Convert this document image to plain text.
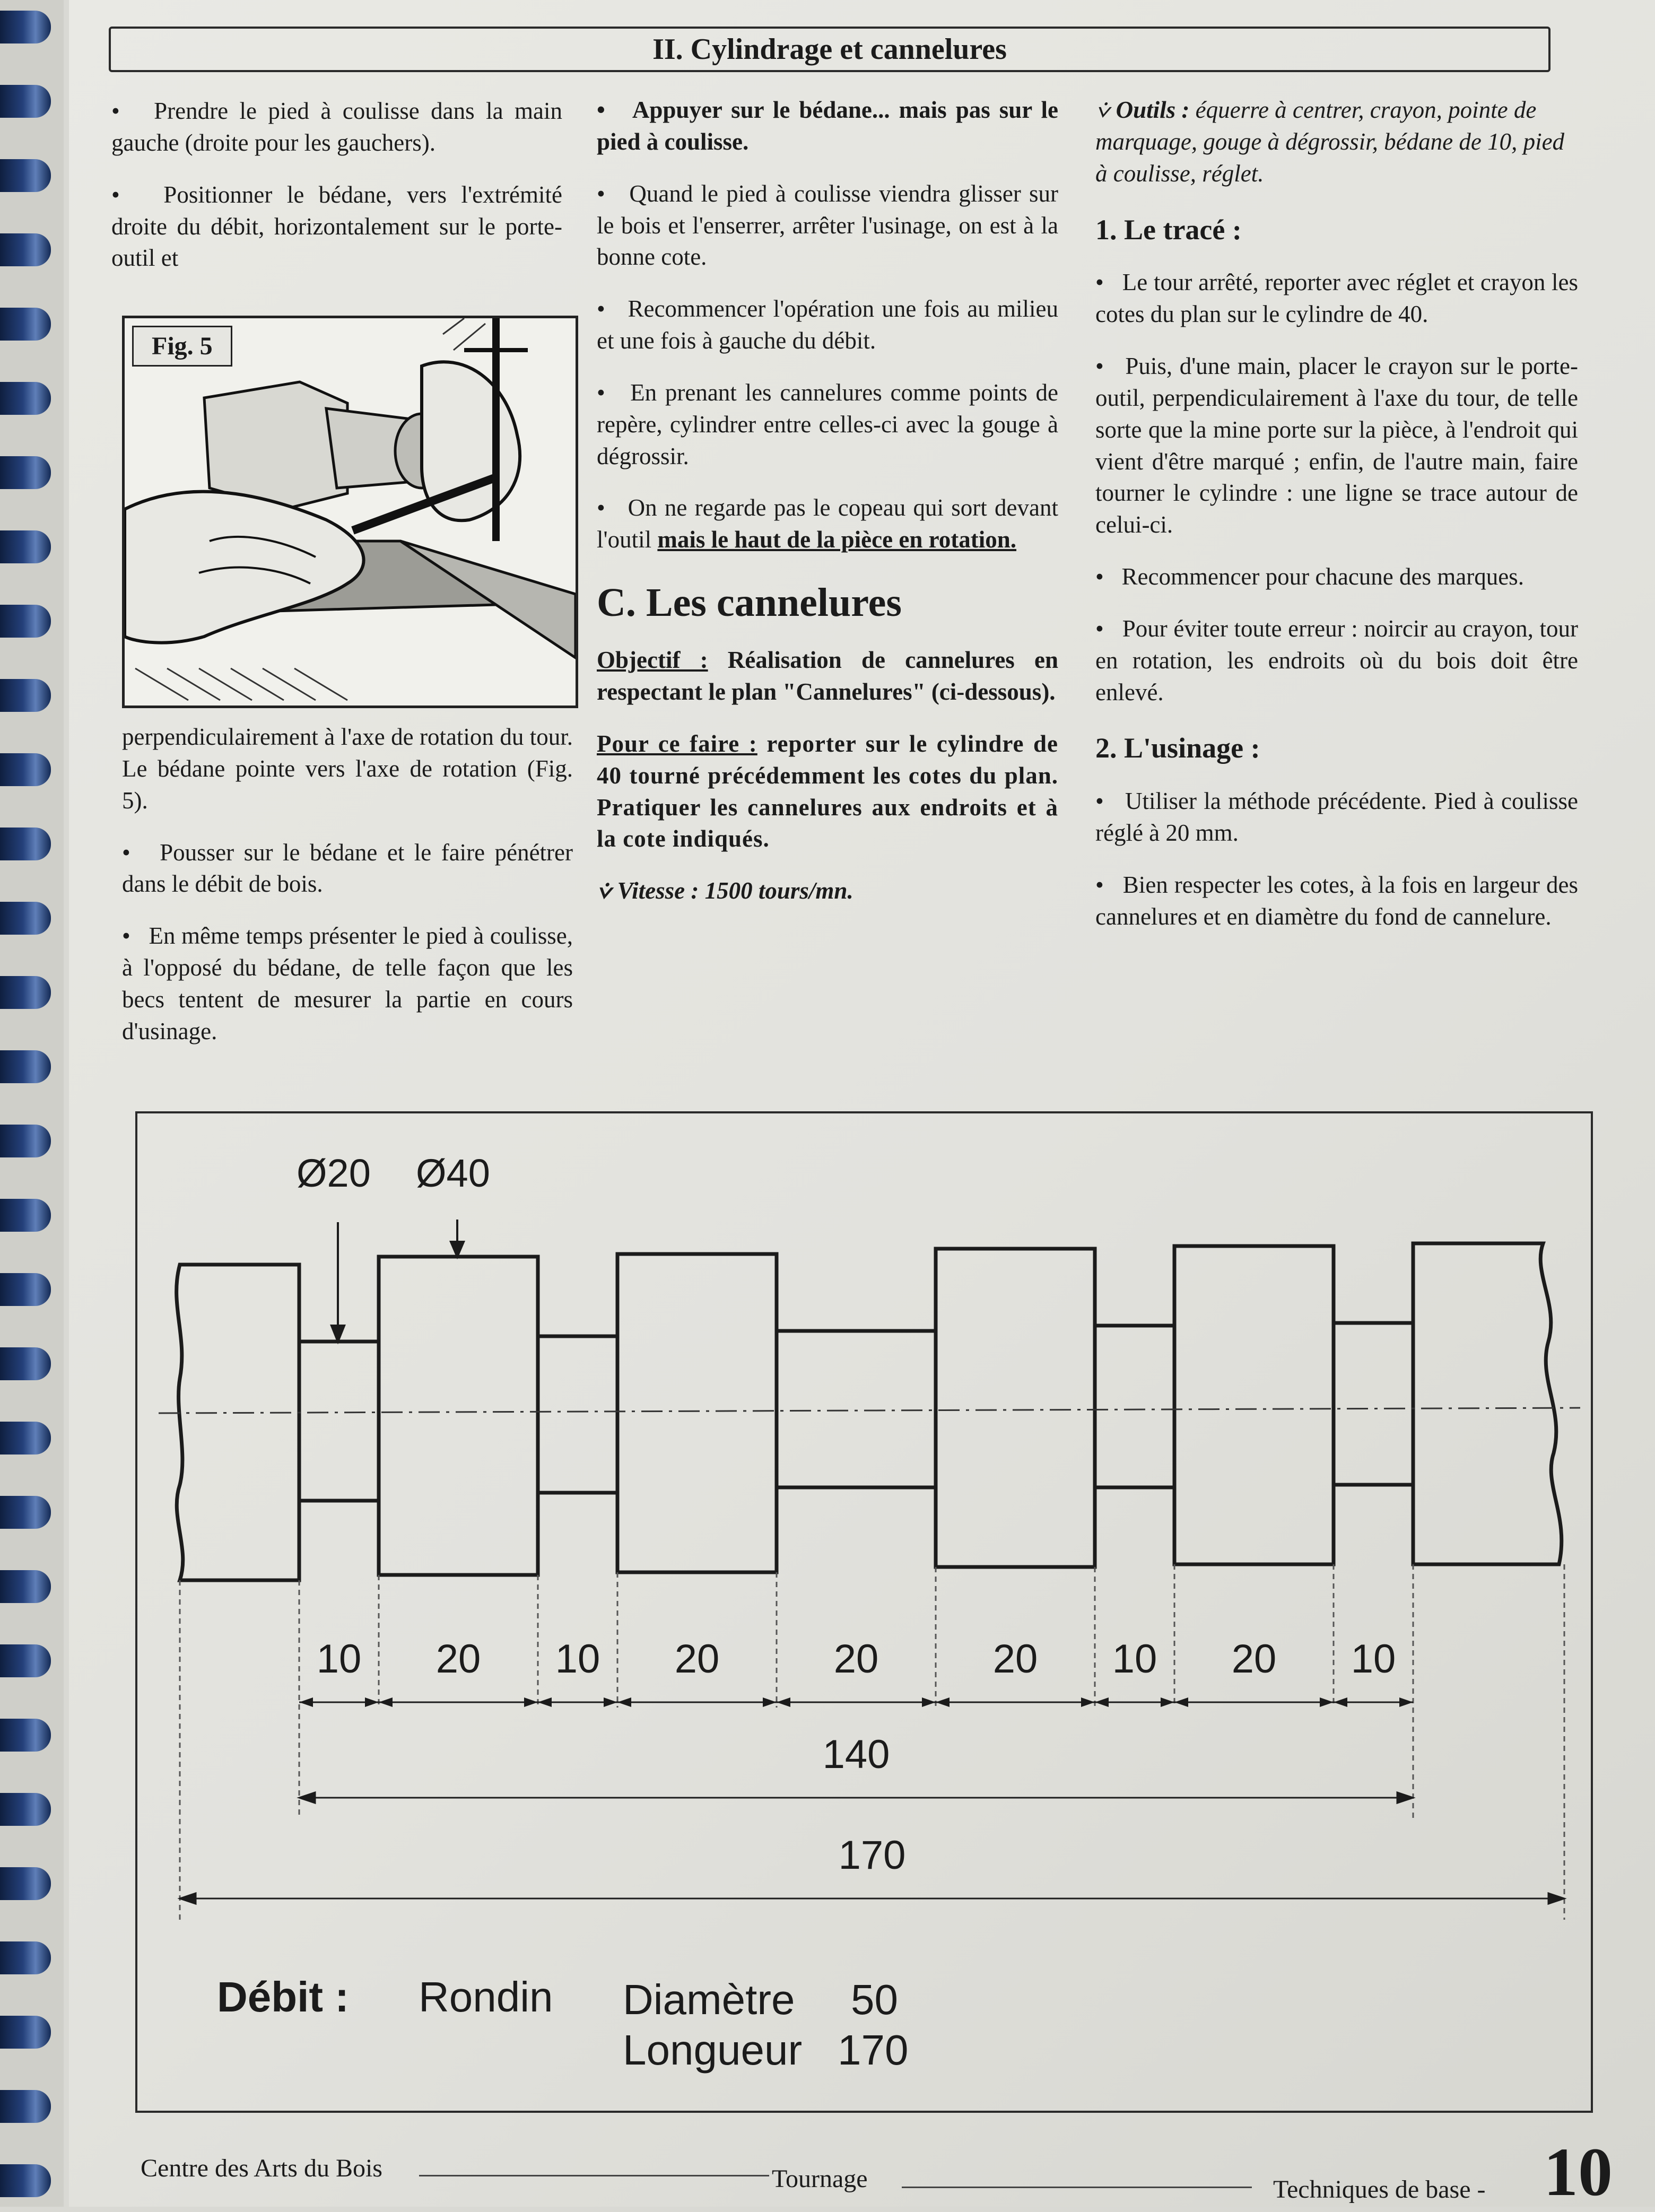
II. Cylindrage et cannelures

•   Prendre le pied à coulisse dans la main gauche (droite pour les gauchers).

•   Positionner le bédane, vers l'extrémité droite du débit, horizontalement sur le porte-outil et

Fig. 5

perpendiculairement à l'axe de rotation du tour. Le bédane pointe vers l'axe de rotation (Fig. 5).

•   Pousser sur le bédane et le faire pénétrer dans le débit de bois.

•   En même temps présenter le pied à coulisse, à l'opposé du bédane, de telle façon que les becs tentent de mesurer la partie en cours d'usinage.

•   Appuyer sur le bédane... mais pas sur le pied à coulisse.

•   Quand le pied à coulisse viendra glisser sur le bois et l'enserrer, arrêter l'usinage, on est à la bonne cote.

•   Recommencer l'opération une fois au milieu et une fois à gauche du débit.

•   En prenant les cannelures comme points de repère, cylindrer entre celles-ci avec la gouge à dégrossir.

•   On ne regarde pas le copeau qui sort devant l'outil mais le haut de la pièce en rotation.

C. Les cannelures

Objectif : Réalisation de cannelures en respectant le plan "Cannelures" (ci-dessous).

Pour ce faire : reporter sur le cylindre de 40 tourné précédemment les cotes du plan. Pratiquer les cannelures aux endroits et à la cote indiqués.

⩒ Vitesse : 1500 tours/mn.

⩒ Outils : équerre à centrer, crayon, pointe de marquage, gouge à dégrossir, bédane de 10, pied à coulisse, réglet.

1. Le tracé :

•   Le tour arrêté, reporter avec réglet et crayon les cotes du plan sur le cylindre de 40.

•   Puis, d'une main, placer le crayon sur le porte-outil, perpendiculairement à l'axe du tour, de telle sorte que la mine porte sur la pièce, à l'endroit qui vient d'être marqué ; enfin, de l'autre main, faire tourner le cylindre : une ligne se trace autour de celui-ci.

•   Recommencer pour chacune des marques.

•   Pour éviter toute erreur : noircir au crayon, tour en rotation, les endroits où du bois doit être enlevé.

2. L'usinage :

•   Utiliser la méthode précédente. Pied à coulisse réglé à 20 mm.

•   Bien respecter les cotes, à la fois en largeur des cannelures et en diamètre du fond de cannelure.

Ø20 Ø40
10 20 10 20	20	20 10 20 10
140
170
Débit : Rondin Diamètre 50
Longueur 170
Centre des Arts du Bois	Tournage	Techniques de base - 10
